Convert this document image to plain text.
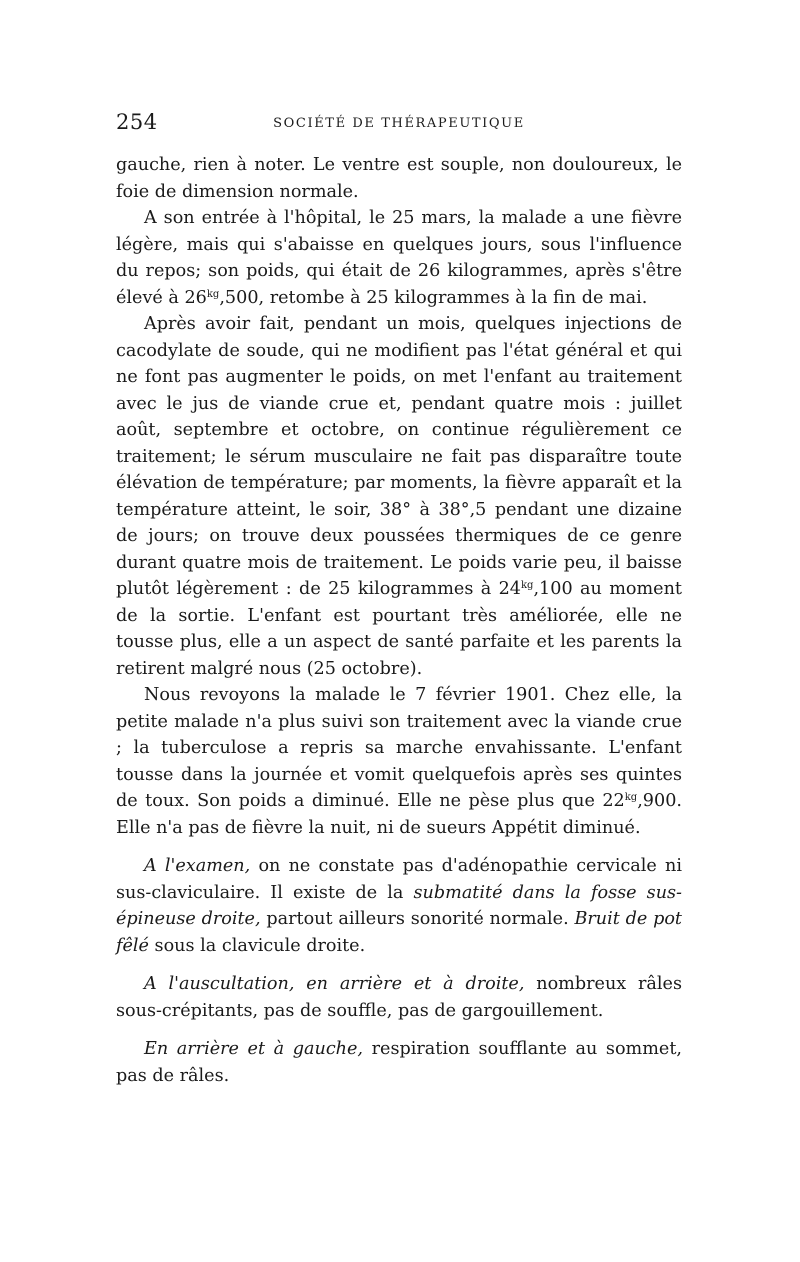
254	SOCIÉTÉ DE THÉRAPEUTIQUE

gauche, rien à noter. Le ventre est souple, non douloureux, le foie de dimension normale.

A son entrée à l'hôpital, le 25 mars, la malade a une fièvre légère, mais qui s'abaisse en quelques jours, sous l'influence du repos; son poids, qui était de 26 kilogrammes, après s'être élevé à $26^{kg},500$, retombe à 25 kilogrammes à la fin de mai.

Après avoir fait, pendant un mois, quelques injections de cacodylate de soude, qui ne modifient pas l'état général et qui ne font pas augmenter le poids, on met l'enfant au traitement avec le jus de viande crue et, pendant quatre mois : juillet août, septembre et octobre, on continue régulièrement ce traitement; le sérum musculaire ne fait pas disparaître toute élévation de température; par moments, la fièvre apparaît et la température atteint, le soir, 38° à 38°,5 pendant une dizaine de jours; on trouve deux poussées thermiques de ce genre durant quatre mois de traitement. Le poids varie peu, il baisse plutôt légèrement : de 25 kilogrammes à $24^{kg},100$ au moment de la sortie. L'enfant est pourtant très améliorée, elle ne tousse plus, elle a un aspect de santé parfaite et les parents la retirent malgré nous (25 octobre).

Nous revoyons la malade le 7 février 1901. Chez elle, la petite malade n'a plus suivi son traitement avec la viande crue ; la tuberculose a repris sa marche envahissante. L'enfant tousse dans la journée et vomit quelquefois après ses quintes de toux. Son poids a diminué. Elle ne pèse plus que $22^{kg},900$. Elle n'a pas de fièvre la nuit, ni de sueurs Appétit diminué.

A l'examen, on ne constate pas d'adénopathie cervicale ni sus-claviculaire. Il existe de la submatité dans la fosse sus-épineuse droite, partout ailleurs sonorité normale. Bruit de pot fêlé sous la clavicule droite.

A l'auscultation, en arrière et à droite, nombreux râles sous-crépitants, pas de souffle, pas de gargouillement.

En arrière et à gauche, respiration soufflante au sommet, pas de râles.
